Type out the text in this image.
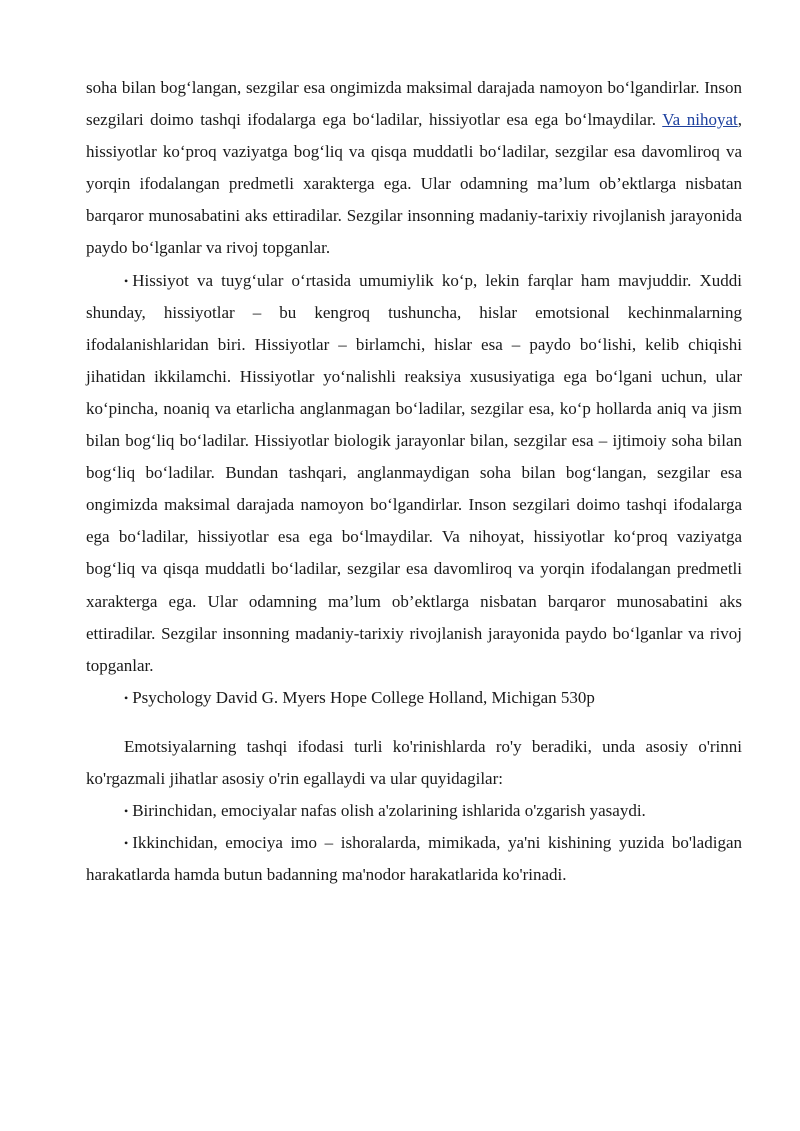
soha bilan bog‘langan, sezgilar esa ongimizda maksimal darajada namoyon bo‘lgandirlar. Inson sezgilari doimo tashqi ifodalarga ega bo‘ladilar, hissiyotlar esa ega bo‘lmaydilar. Va nihoyat, hissiyotlar ko‘proq vaziyatga bog‘liq va qisqa muddatli bo‘ladilar, sezgilar esa davomliroq va yorqin ifodalangan predmetli xarakterga ega. Ular odamning ma’lum ob’ektlarga nisbatan barqaror munosabatini aks ettiradilar. Sezgilar insonning madaniy-tarixiy rivojlanish jarayonida paydo bo‘lganlar va rivoj topganlar.

• Hissiyot va tuyg‘ular o‘rtasida umumiylik ko‘p, lekin farqlar ham mavjuddir. Xuddi shunday, hissiyotlar – bu kengroq tushuncha, hislar emotsional kechinmalarning ifodalanishlaridan biri. Hissiyotlar – birlamchi, hislar esa – paydo bo‘lishi, kelib chiqishi jihatidan ikkilamchi. Hissiyotlar yo‘nalishli reaksiya xususiyatiga ega bo‘lgani uchun, ular ko‘pincha, noaniq va etarlicha anglanmagan bo‘ladilar, sezgilar esa, ko‘p hollarda aniq va jism bilan bog‘liq bo‘ladilar. Hissiyotlar biologik jarayonlar bilan, sezgilar esa – ijtimoiy soha bilan bog‘liq bo‘ladilar. Bundan tashqari, anglanmaydigan soha bilan bog‘langan, sezgilar esa ongimizda maksimal darajada namoyon bo‘lgandirlar. Inson sezgilari doimo tashqi ifodalarga ega bo‘ladilar, hissiyotlar esa ega bo‘lmaydilar. Va nihoyat, hissiyotlar ko‘proq vaziyatga bog‘liq va qisqa muddatli bo‘ladilar, sezgilar esa davomliroq va yorqin ifodalangan predmetli xarakterga ega. Ular odamning ma’lum ob’ektlarga nisbatan barqaror munosabatini aks ettiradilar. Sezgilar insonning madaniy-tarixiy rivojlanish jarayonida paydo bo‘lganlar va rivoj topganlar.

• Psychology David G. Myers Hope College Holland, Michigan 530p

Emotsiyalarning tashqi ifodasi turli ko'rinishlarda ro'y beradiki, unda asosiy o'rinni ko'rgazmali jihatlar asosiy o'rin egallaydi va ular quyidagilar:

• Birinchidan, emociyalar nafas olish a'zolarining ishlarida o'zgarish yasaydi.

• Ikkinchidan, emociya imo – ishoralarda, mimikada, ya'ni kishining yuzida bo'ladigan harakatlarda hamda butun badanning ma'nodor harakatlarida ko'rinadi.
